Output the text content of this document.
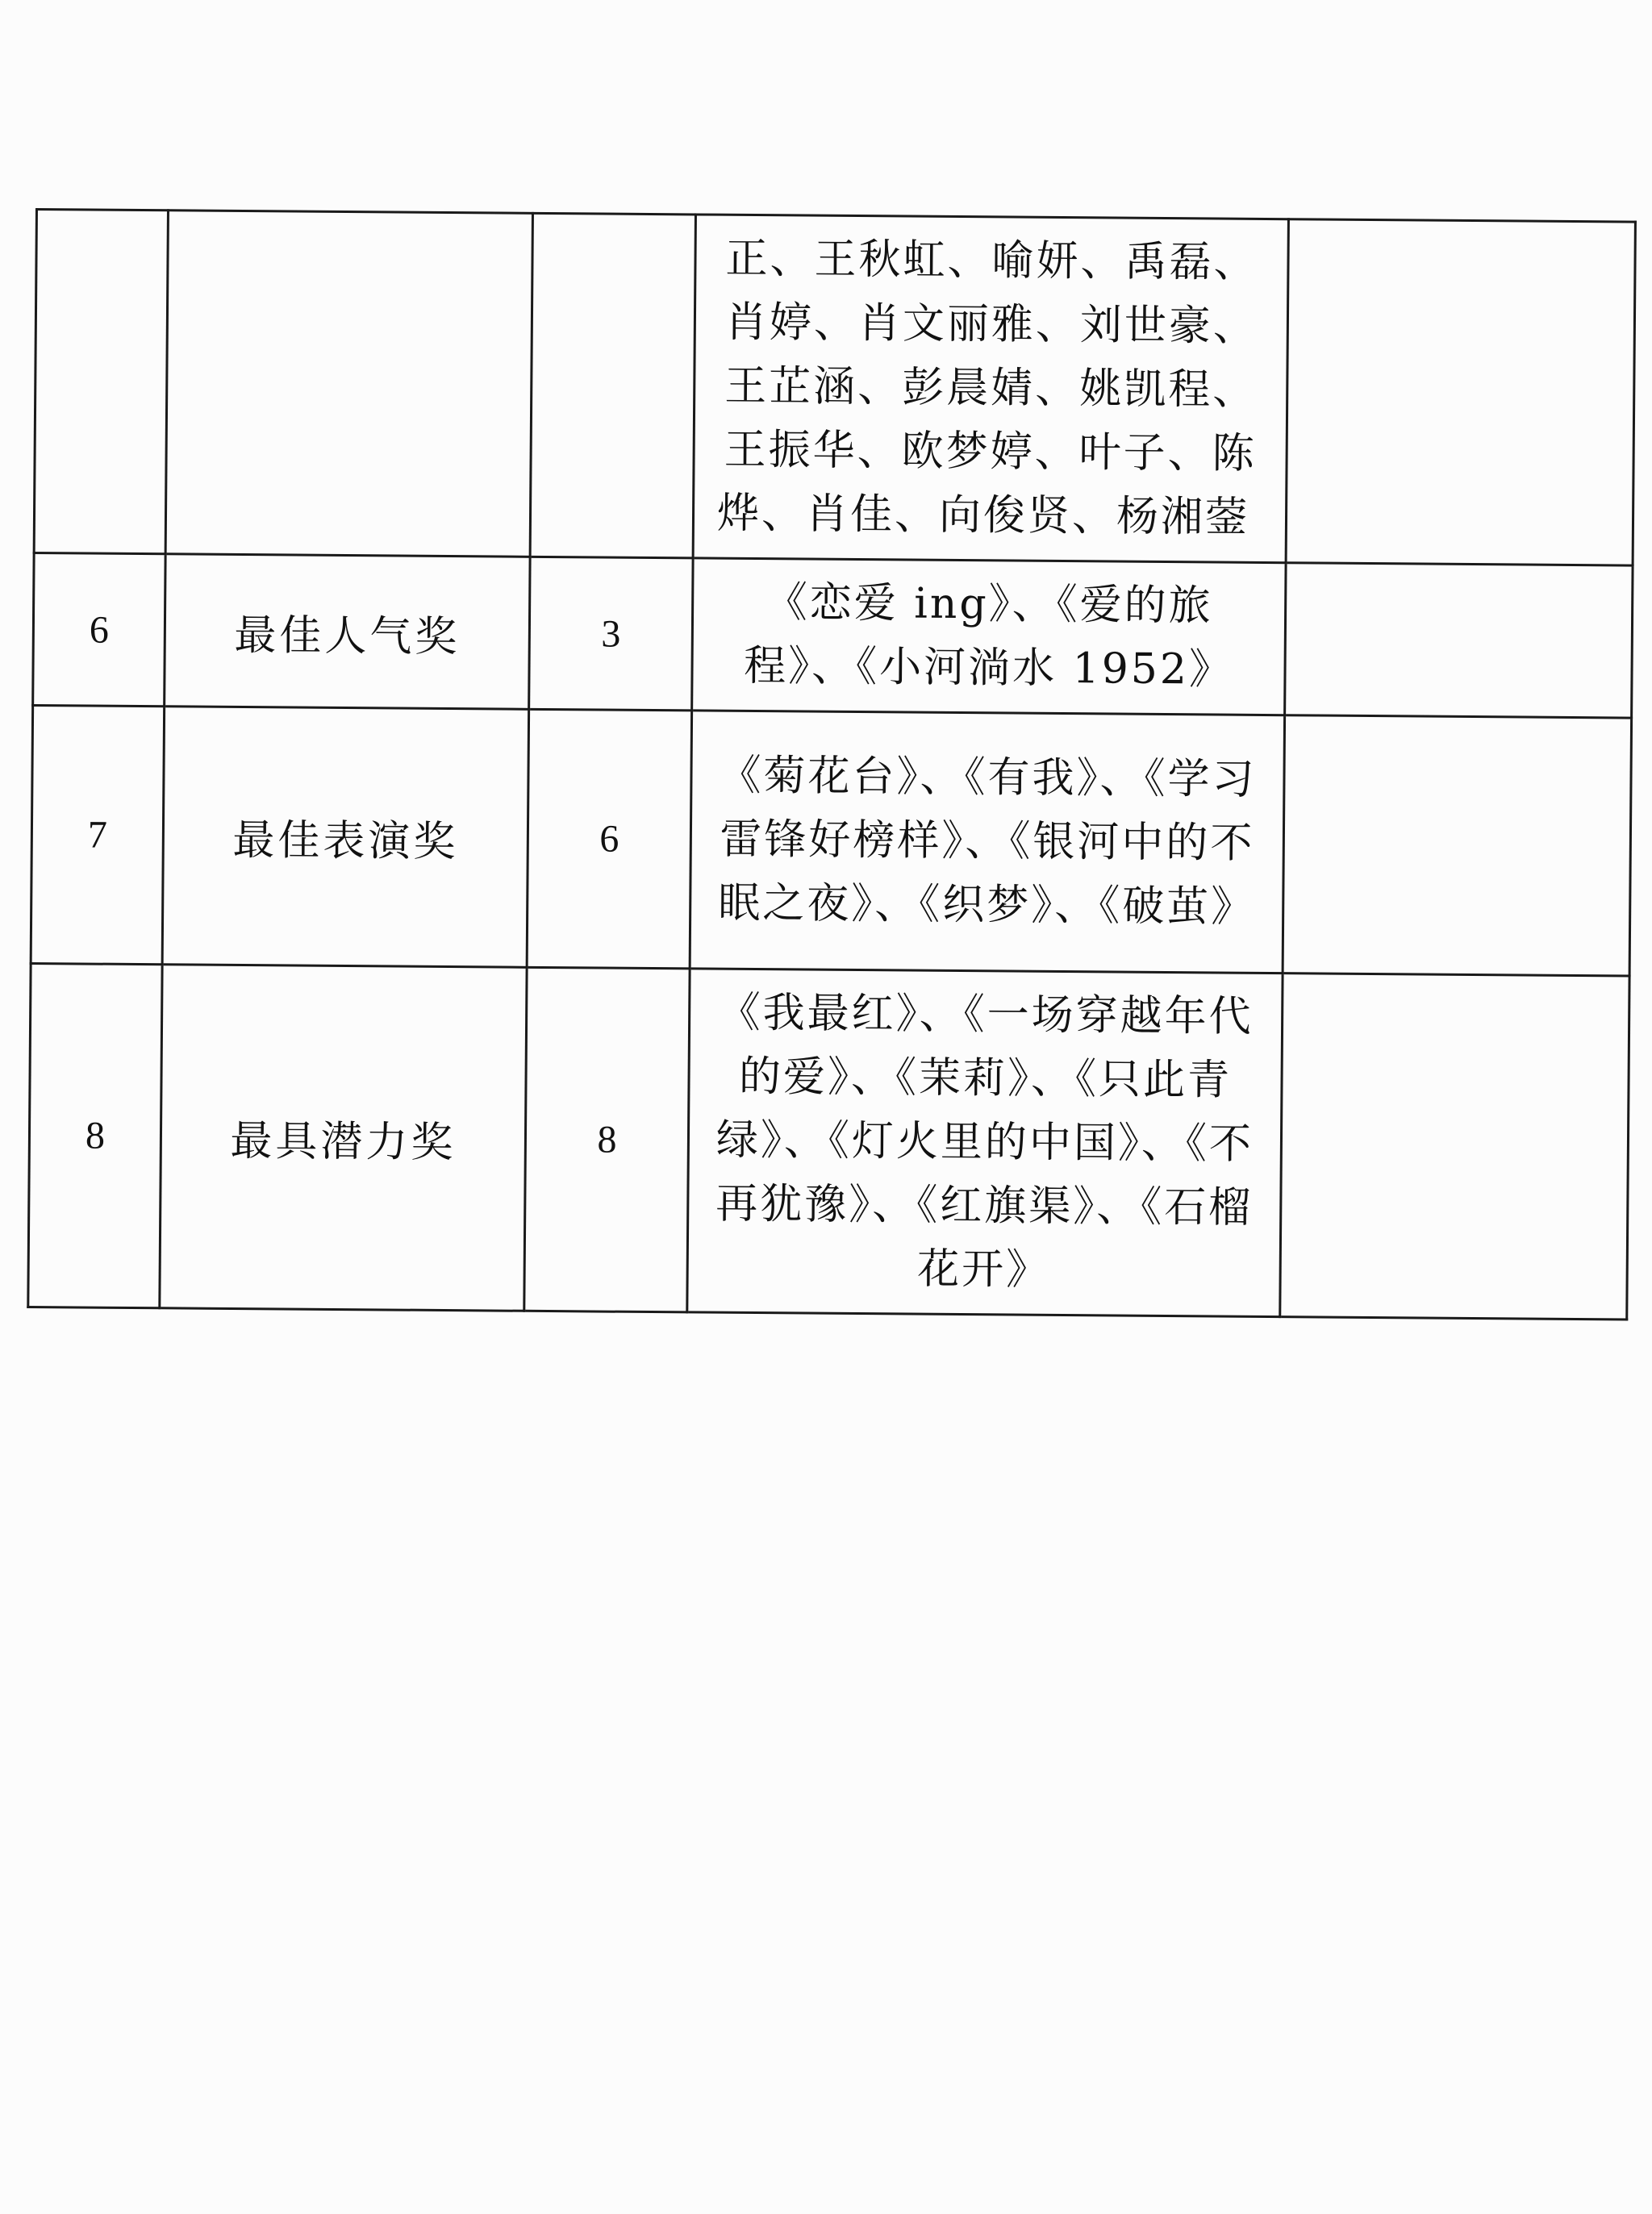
			正、王秋虹、喻妍、禹磊、肖婷、肖文丽雅、刘世豪、王芷涵、彭晨婧、姚凯程、王振华、欧梦婷、叶子、陈烨、肖佳、向俊贤、杨湘蓥	
6	最佳人气奖	3	《恋爱 ing》、《爱的旅程》、《小河淌水 1952》	
7	最佳表演奖	6	《菊花台》、《有我》、《学习雷锋好榜样》、《银河中的不眠之夜》、《织梦》、《破茧》	
8	最具潜力奖	8	《我最红》、《一场穿越年代的爱》、《茉莉》、《只此青绿》、《灯火里的中国》、《不再犹豫》、《红旗渠》、《石榴花开》	
